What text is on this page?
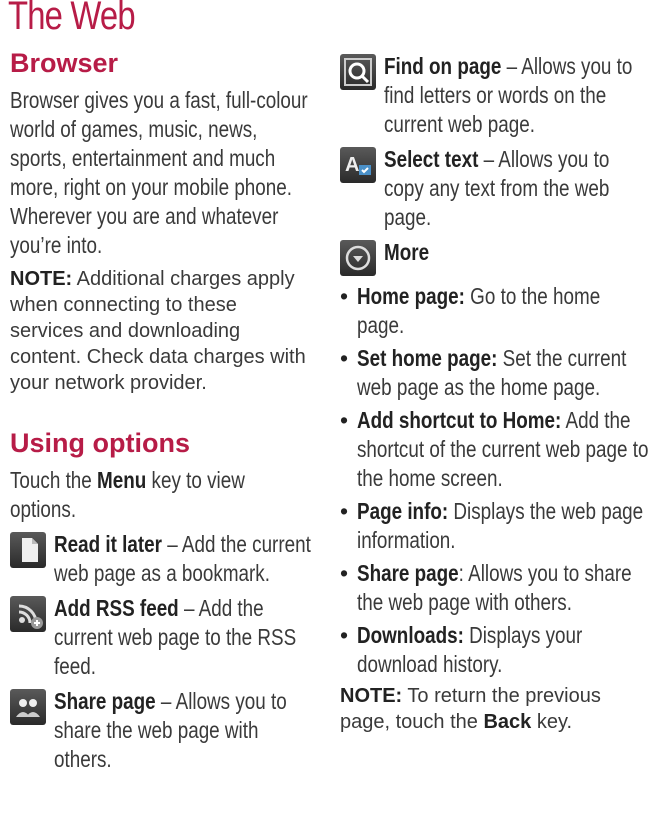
The Web
Browser

Browser gives you a fast, full-colour world of games, music, news, sports, entertainment and much more, right on your mobile phone. Wherever you are and whatever you’re into.

NOTE: Additional charges apply when connecting to these services and downloading content. Check data charges with your network provider.

Using options

Touch the Menu key to view options.

Read it later – Add the current web page as a bookmark.
Add RSS feed – Add the current web page to the RSS feed.
Share page – Allows you to share the web page with others.
Find on page – Allows you to find letters or words on the current web page.
A Select text – Allows you to copy any text from the web page.
More
• Home page: Go to the home page.
• Set home page: Set the current web page as the home page.
• Add shortcut to Home: Add the shortcut of the current web page to the home screen.
• Page info: Displays the web page information.
• Share page: Allows you to share the web page with others.
• Downloads: Displays your download history.

NOTE: To return the previous page, touch the Back key.
